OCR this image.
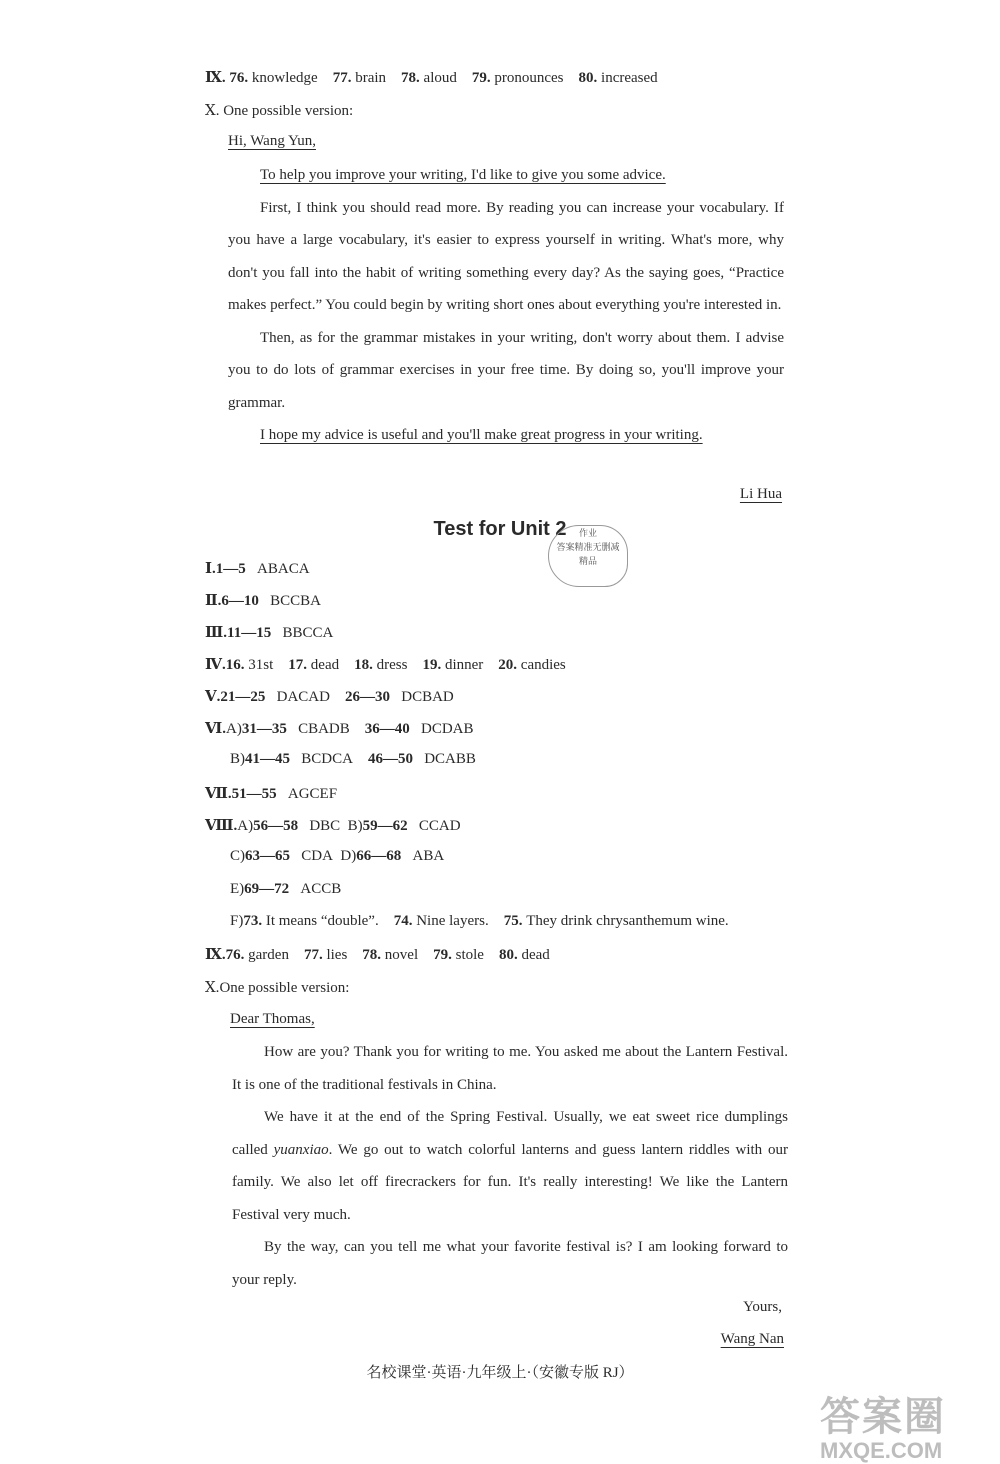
Ⅸ. 76. knowledge 77. brain 78. aloud 79. pronounces 80. increased
Ⅹ. One possible version:
Hi, Wang Yun,

To help you improve your writing, I'd like to give you some advice.

First, I think you should read more. By reading you can increase your vocabulary. If you have a large vocabulary, it's easier to express yourself in writing. What's more, why don't you fall into the habit of writing something every day? As the saying goes, “Practice makes perfect.” You could begin by writing short ones about everything you're interested in.

Then, as for the grammar mistakes in your writing, don't worry about them. I advise you to do lots of grammar exercises in your free time. By doing so, you'll improve your grammar.

I hope my advice is useful and you'll make great progress in your writing.

Li Hua
Test for Unit 2	作业
答案精准无删减
精品
Ⅰ.1—5 ABACA
Ⅱ.6—10 BCCBA
Ⅲ.11—15 BBCCA
Ⅳ.16. 31st 17. dead 18. dress 19. dinner 20. candies
Ⅴ.21—25 DACAD 26—30 DCBAD
Ⅵ.A)31—35 CBADB 36—40 DCDAB
B)41—45 BCDCA 46—50 DCABB
Ⅶ.51—55 AGCEF
Ⅷ.A)56—58 DBC B)59—62 CCAD
C)63—65 CDA D)66—68 ABA
E)69—72 ACCB
F)73. It means “double”. 74. Nine layers. 75. They drink chrysanthemum wine.
Ⅸ.76. garden 77. lies 78. novel 79. stole 80. dead
Ⅹ.One possible version:
Dear Thomas,

How are you? Thank you for writing to me. You asked me about the Lantern Festival. It is one of the traditional festivals in China.

We have it at the end of the Spring Festival. Usually, we eat sweet rice dumplings called yuanxiao. We go out to watch colorful lanterns and guess lantern riddles with our family. We also let off firecrackers for fun. It's really interesting! We like the Lantern Festival very much.

By the way, can you tell me what your favorite festival is? I am looking forward to your reply.

Yours,
Wang Nan
名校课堂·英语·九年级上·（安徽专版 RJ）
答案圈
MXQE.COM
